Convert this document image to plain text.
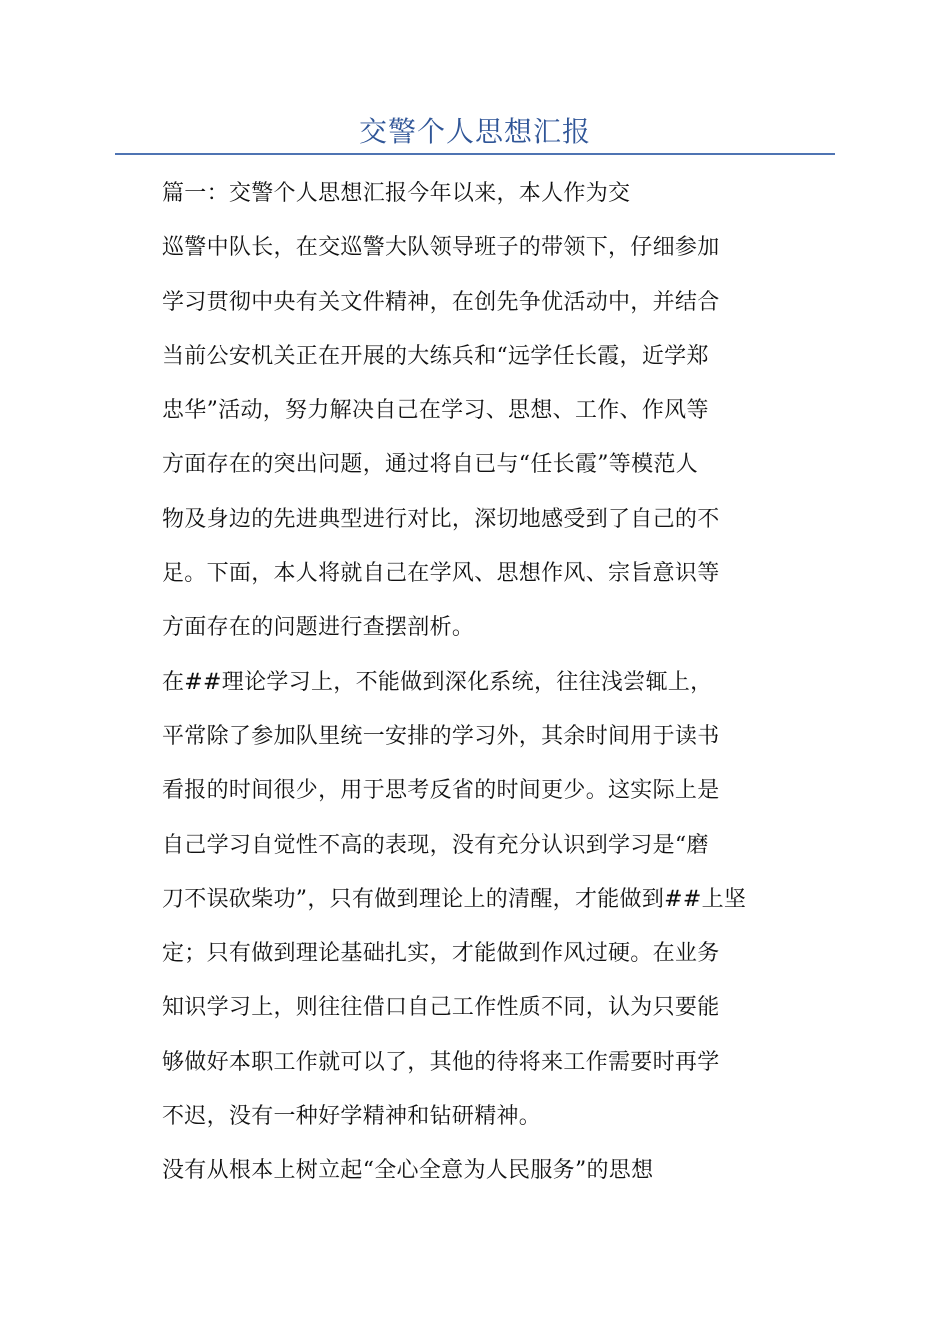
交警个人思想汇报
篇一：交警个人思想汇报今年以来，本人作为交
巡警中队长，在交巡警大队领导班子的带领下，仔细参加
学习贯彻中央有关文件精神，在创先争优活动中，并结合
当前公安机关正在开展的大练兵和“远学任长霞，近学郑
忠华”活动，努力解决自己在学习、思想、工作、作风等
方面存在的突出问题，通过将自已与“任长霞”等模范人
物及身边的先进典型进行对比，深切地感受到了自己的不
足。下面，本人将就自己在学风、思想作风、宗旨意识等
方面存在的问题进行查摆剖析。
在##理论学习上，不能做到深化系统，往往浅尝辄上，
平常除了参加队里统一安排的学习外，其余时间用于读书
看报的时间很少，用于思考反省的时间更少。这实际上是
自己学习自觉性不高的表现，没有充分认识到学习是“磨
刀不误砍柴功”，只有做到理论上的清醒，才能做到##上坚
定；只有做到理论基础扎实，才能做到作风过硬。在业务
知识学习上，则往往借口自己工作性质不同，认为只要能
够做好本职工作就可以了，其他的待将来工作需要时再学
不迟，没有一种好学精神和钻研精神。
没有从根本上树立起“全心全意为人民服务”的思想
